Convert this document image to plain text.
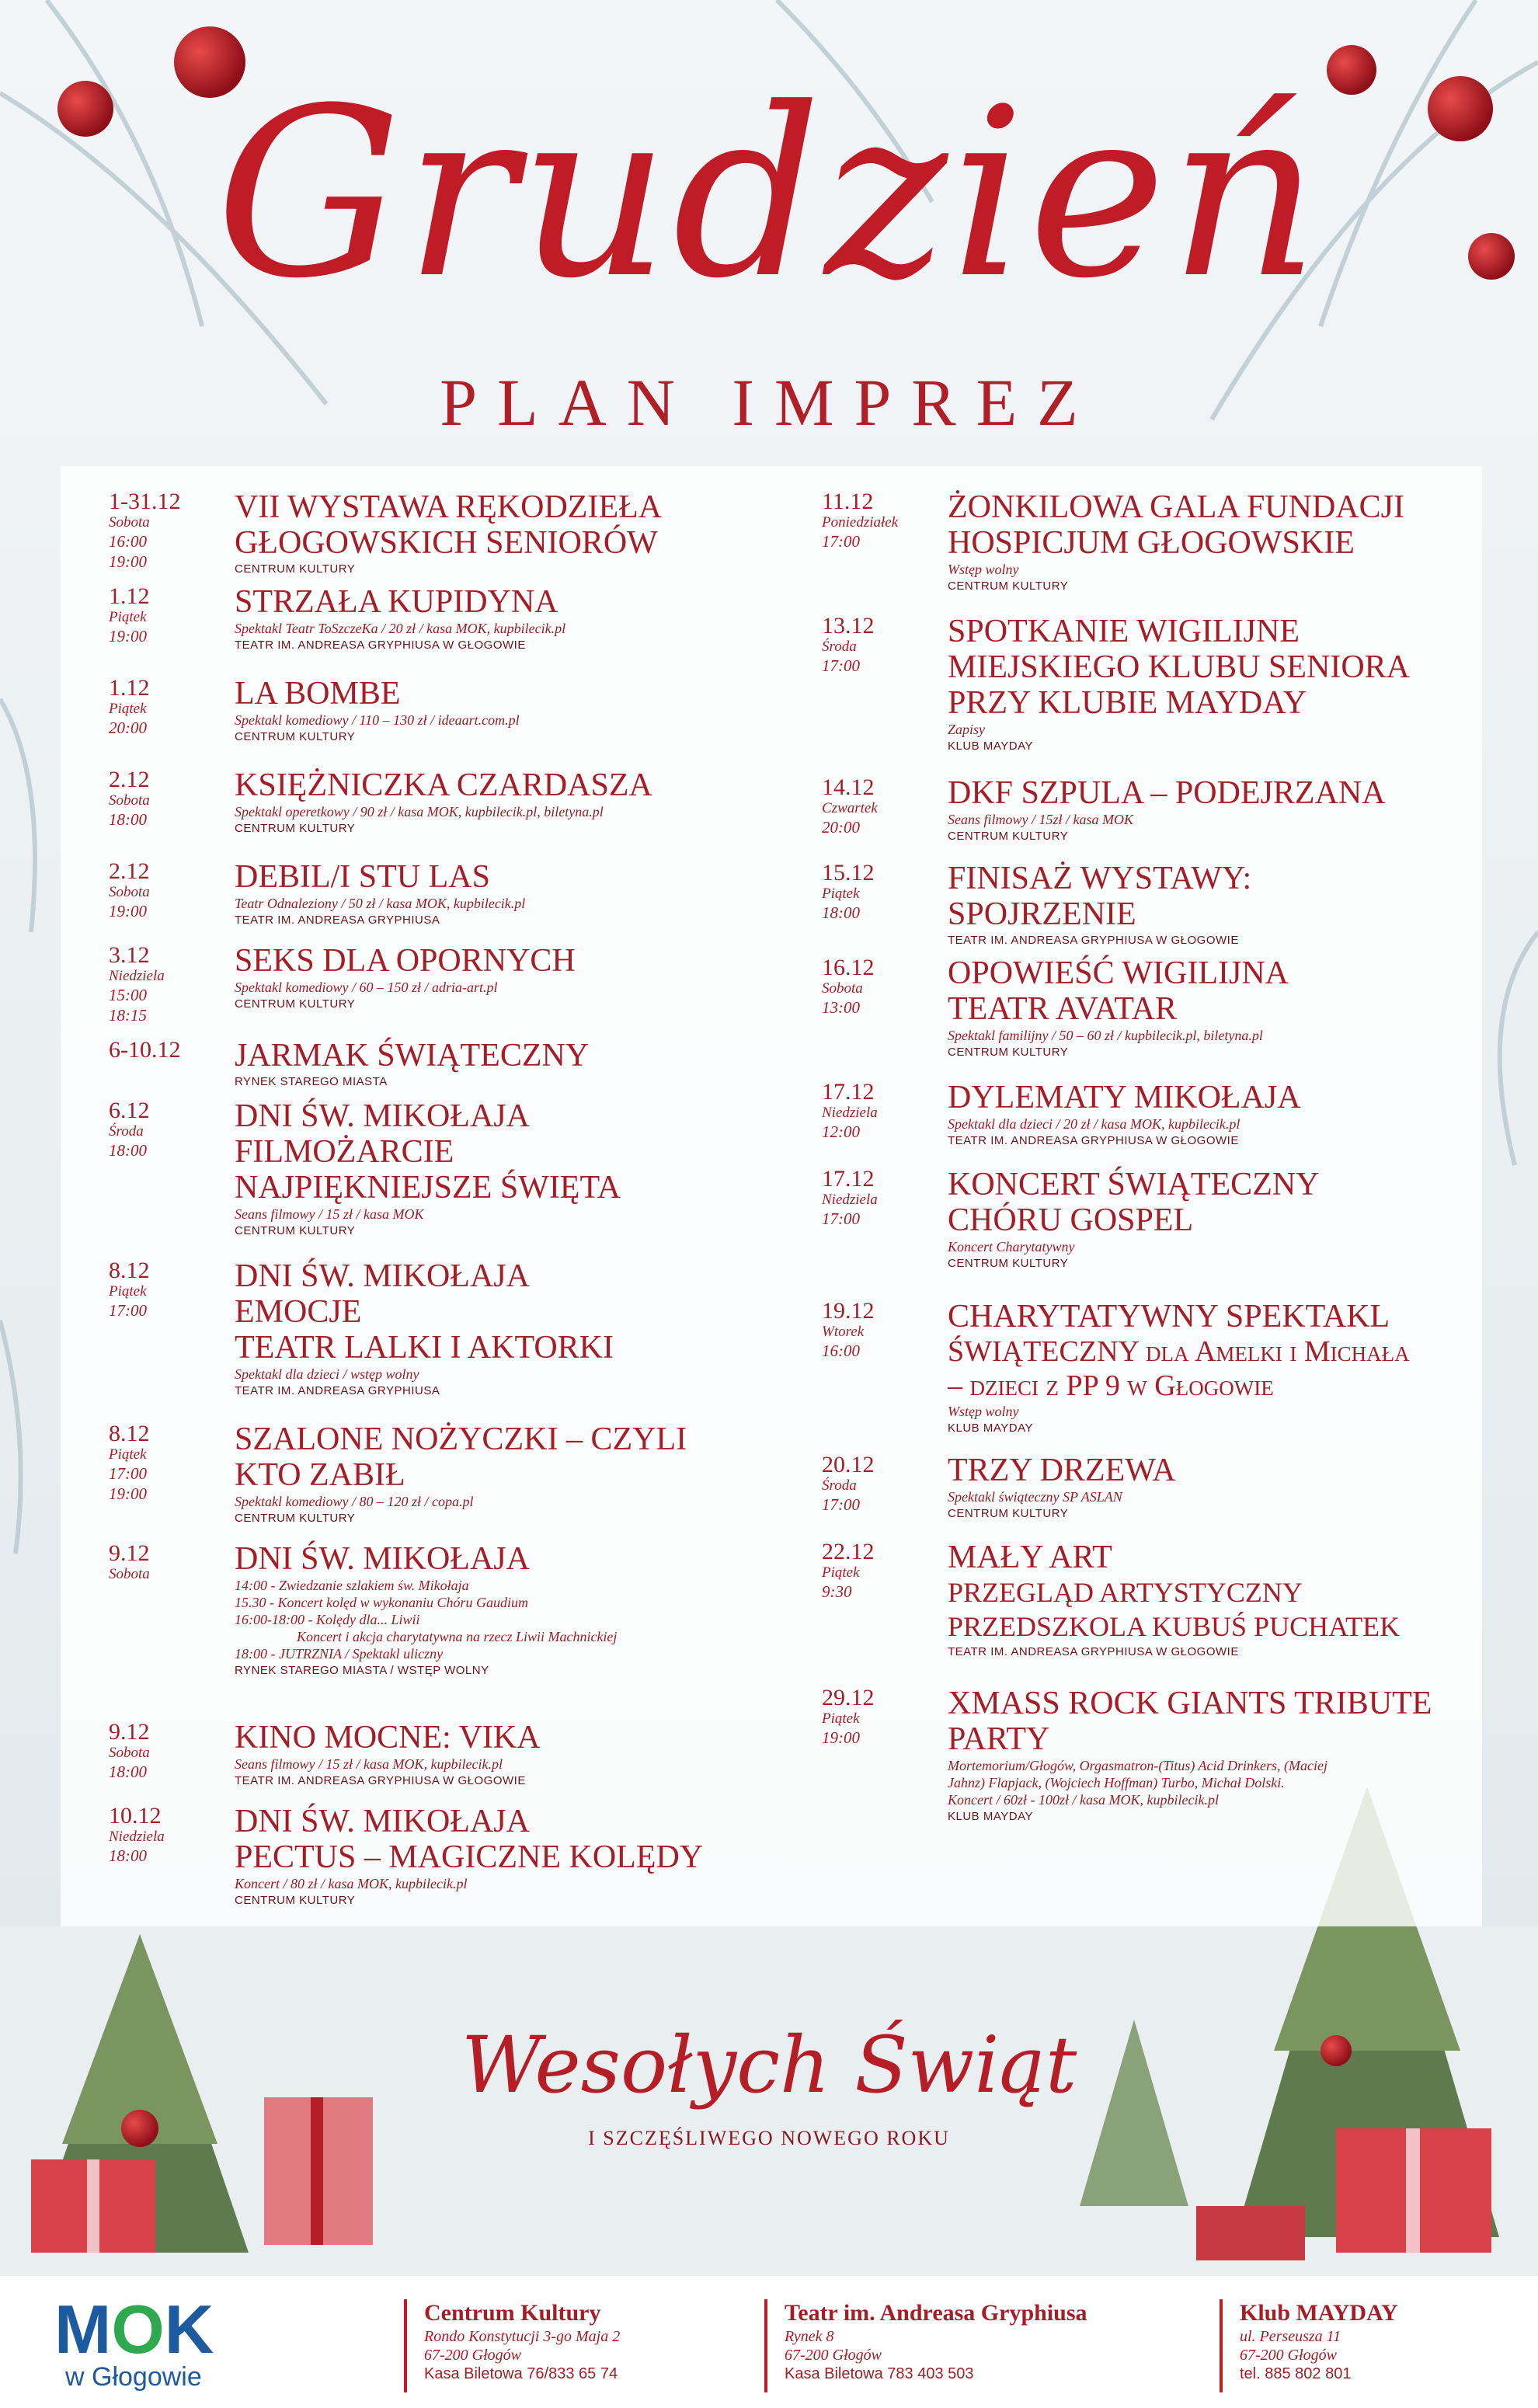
Grudzień
PLAN IMPREZ
1-31.12
Sobota
16:00
19:00
VII WYSTAWA RĘKODZIEŁA
GŁOGOWSKICH SENIORÓW
CENTRUM KULTURY
1.12
Piątek
19:00
STRZAŁA KUPIDYNA
Spektakl Teatr ToSzczeKa / 20 zł / kasa MOK, kupbilecik.pl
TEATR IM. ANDREASA GRYPHIUSA W GŁOGOWIE
1.12
Piątek
20:00
LA BOMBE
Spektakl komediowy / 110 – 130 zł / ideaart.com.pl
CENTRUM KULTURY
2.12
Sobota
18:00
KSIĘŻNICZKA CZARDASZA
Spektakl operetkowy / 90 zł / kasa MOK, kupbilecik.pl, biletyna.pl
CENTRUM KULTURY
2.12
Sobota
19:00
DEBIL/I STU LAS
Teatr Odnaleziony / 50 zł / kasa MOK, kupbilecik.pl
TEATR IM. ANDREASA GRYPHIUSA
3.12
Niedziela
15:00
18:15
SEKS DLA OPORNYCH
Spektakl komediowy / 60 – 150 zł / adria-art.pl
CENTRUM KULTURY
6-10.12	JARMAK ŚWIĄTECZNY
RYNEK STAREGO MIASTA
6.12
Środa
18:00
DNI ŚW. MIKOŁAJA
FILMOŻARCIE
NAJPIĘKNIEJSZE ŚWIĘTA
Seans filmowy / 15 zł / kasa MOK
CENTRUM KULTURY
8.12
Piątek
17:00
DNI ŚW. MIKOŁAJA
EMOCJE
TEATR LALKI I AKTORKI
Spektakl dla dzieci / wstęp wolny
TEATR IM. ANDREASA GRYPHIUSA
8.12
Piątek
17:00
19:00
SZALONE NOŻYCZKI – CZYLI
KTO ZABIŁ
Spektakl komediowy / 80 – 120 zł / copa.pl
CENTRUM KULTURY
9.12
Sobota	DNI ŚW. MIKOŁAJA
14:00 - Zwiedzanie szlakiem św. Mikołaja
15.30 - Koncert kolęd w wykonaniu Chóru Gaudium
16:00-18:00 - Kolędy dla... Liwii
Koncert i akcja charytatywna na rzecz Liwii Machnickiej
18:00 - JUTRZNIA / Spektakl uliczny
RYNEK STAREGO MIASTA / WSTĘP WOLNY
9.12
Sobota
18:00
KINO MOCNE: VIKA
Seans filmowy / 15 zł / kasa MOK, kupbilecik.pl
TEATR IM. ANDREASA GRYPHIUSA W GŁOGOWIE
10.12
Niedziela
18:00
DNI ŚW. MIKOŁAJA
PECTUS – MAGICZNE KOLĘDY
Koncert / 80 zł / kasa MOK, kupbilecik.pl
CENTRUM KULTURY
11.12
Poniedziałek
17:00
ŻONKILOWA GALA FUNDACJI
HOSPICJUM GŁOGOWSKIE
Wstęp wolny
CENTRUM KULTURY
13.12
Środa
17:00
SPOTKANIE WIGILIJNE
MIEJSKIEGO KLUBU SENIORA
PRZY KLUBIE MAYDAY
Zapisy
KLUB MAYDAY
14.12
Czwartek
20:00
DKF SZPULA – PODEJRZANA
Seans filmowy / 15zł / kasa MOK
CENTRUM KULTURY
15.12
Piątek
18:00
FINISAŻ WYSTAWY:
SPOJRZENIE
TEATR IM. ANDREASA GRYPHIUSA W GŁOGOWIE
16.12
Sobota
13:00
OPOWIEŚĆ WIGILIJNA
TEATR AVATAR
Spektakl familijny / 50 – 60 zł / kupbilecik.pl, biletyna.pl
CENTRUM KULTURY
17.12
Niedziela
12:00
DYLEMATY MIKOŁAJA
Spektakl dla dzieci / 20 zł / kasa MOK, kupbilecik.pl
TEATR IM. ANDREASA GRYPHIUSA W GŁOGOWIE
17.12
Niedziela
17:00
KONCERT ŚWIĄTECZNY
CHÓRU GOSPEL
Koncert Charytatywny
CENTRUM KULTURY
19.12
Wtorek
16:00
CHARYTATYWNY SPEKTAKL
ŚWIĄTECZNY dla Amelki i Michała
– dzieci z PP 9 w Głogowie
Wstęp wolny
KLUB MAYDAY
20.12
Środa
17:00
TRZY DRZEWA
Spektakl świąteczny SP ASLAN
CENTRUM KULTURY
22.12
Piątek
9:30
MAŁY ART
PRZEGLĄD ARTYSTYCZNY
PRZEDSZKOLA KUBUŚ PUCHATEK
TEATR IM. ANDREASA GRYPHIUSA W GŁOGOWIE
29.12
Piątek
19:00
XMASS ROCK GIANTS TRIBUTE
PARTY
Mortemorium/Głogów, Orgasmatron-(Titus) Acid Drinkers, (Maciej
Jahnz) Flapjack, (Wojciech Hoffman) Turbo, Michał Dolski.
Koncert / 60zł - 100zł / kasa MOK, kupbilecik.pl
KLUB MAYDAY
Wesołych Świąt
I SZCZĘŚLIWEGO NOWEGO ROKU
MOK
w Głogowie
Centrum Kultury
Rondo Konstytucji 3-go Maja 2
67-200 Głogów
Kasa Biletowa 76/833 65 74
Teatr im. Andreasa Gryphiusa
Rynek 8
67-200 Głogów
Kasa Biletowa 783 403 503
Klub MAYDAY
ul. Perseusza 11
67-200 Głogów
tel. 885 802 801
